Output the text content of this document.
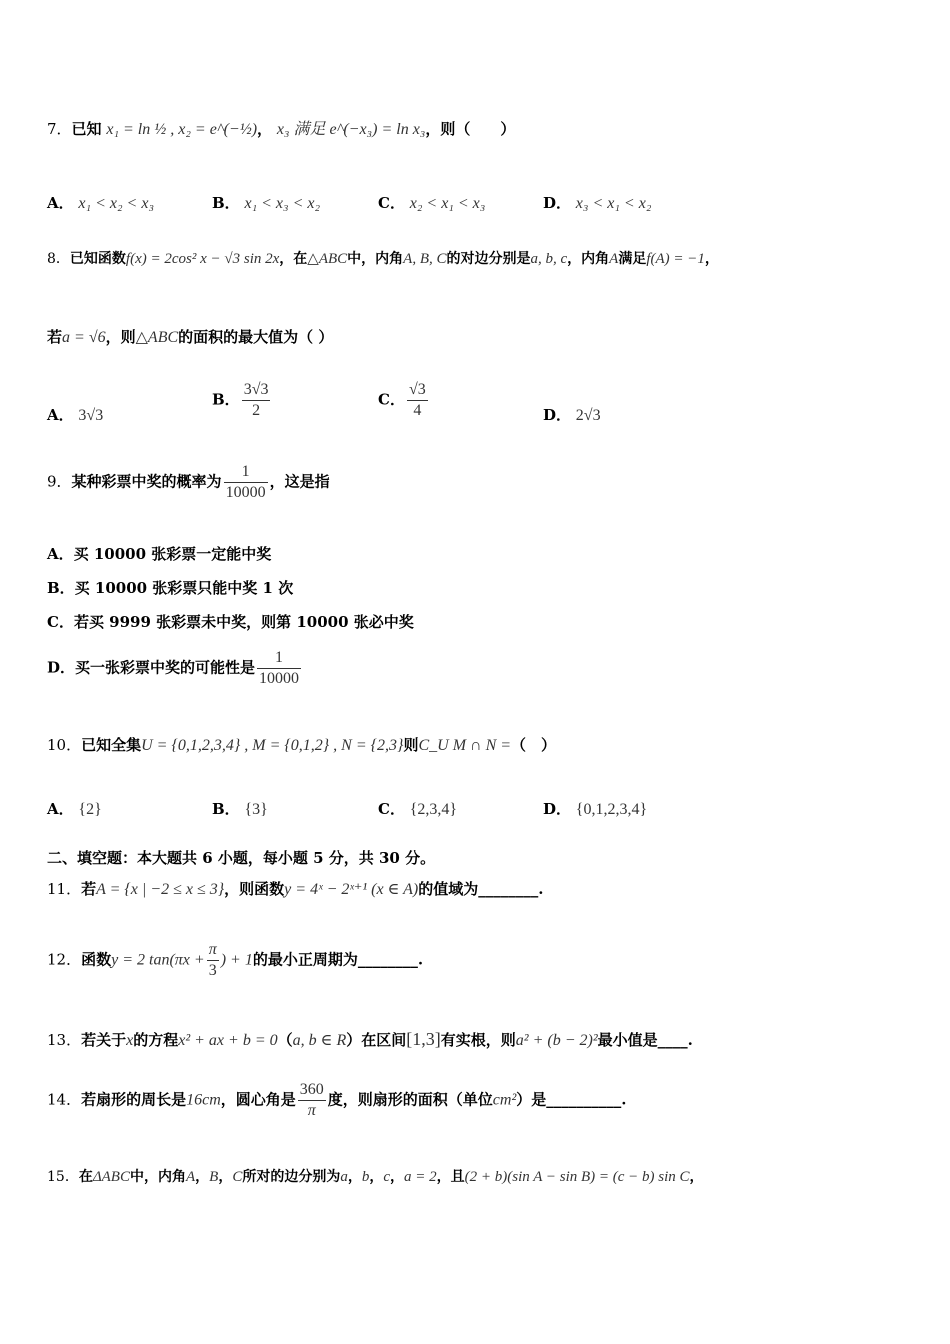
7．已知 x₁ = ln ½ , x₂ = e^(−½)， x₃ 满足 e^(−x₃) = ln x₃，则（　　）
A． x₁ < x₂ < x₃	B． x₁ < x₃ < x₂	C． x₂ < x₁ < x₃	D． x₃ < x₁ < x₂
8．已知函数f(x) = 2cos² x − √3 sin 2x，在△ABC中，内角A, B, C的对边分别是a, b, c，内角A满足f(A) = −1，
若a = √6，则△ABC的面积的最大值为（ ）
A． 3√3
B． $\frac{3√3}{2}$	C． $\frac{√3}{4}$	D． 2√3
9．某种彩票中奖的概率为 $\frac{1}{10000}$ ，这是指
A．买 10000 张彩票一定能中奖
B．买 10000 张彩票只能中奖 1 次
C．若买 9999 张彩票未中奖，则第 10000 张必中奖
D．买一张彩票中奖的可能性是 $\frac{1}{10000}$
10．已知全集U = {0,1,2,3,4} , M = {0,1,2} , N = {2,3}则C_U M ∩ N =（　）
A． {2}	B． {3}	C． {2,3,4}	D． {0,1,2,3,4}
二、填空题：本大题共 6 小题，每小题 5 分，共 30 分。
11．若A = {x | −2 ≤ x ≤ 3}，则函数y = 4ˣ − 2ˣ⁺¹ (x ∈ A)的值域为________.
12．函数y = 2 $\tan(\pi x + \frac{\pi}{3}$ ) + 1的最小正周期为________.
13．若关于x的方程x² + ax + b = 0（a, b ∈ R）在区间[1,3]有实根，则a² + (b − 2)²最小值是____.
14．若扇形的周长是16cm，圆心角是 $\frac{360}{\pi}$ 度，则扇形的面积（单位cm²）是__________.
15．在ΔABC中，内角A，B，C所对的边分别为a，b，c，a = 2，且(2 + b)(sin A − sin B) = (c − b) sin C，
